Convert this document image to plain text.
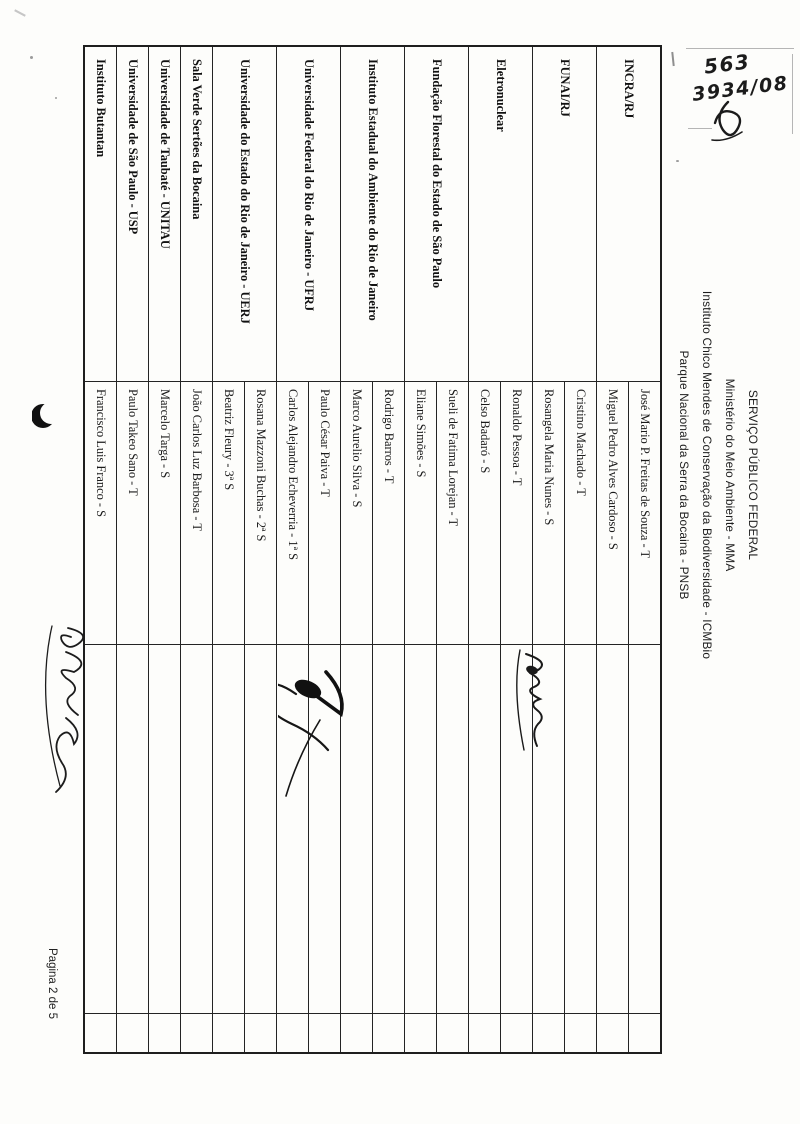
SERVIÇO PÚBLICO FEDERAL
Ministério do Meio Ambiente - MMA
Instituto Chico Mendes de Conservação da Biodiversidade - ICMBio
Parque Nacional da Serra da Bocaina - PNSB
INCRA/RJ
José Mario P. Freitas de Souza - T
Miguel Pedro Alves Cardoso - S
FUNAI/RJ
Cristino Machado - T
Rosangela Maria Nunes - S
Eletronuclear
Ronaldo Pessoa - T
Celso Badaró - S
Fundação Florestal do Estado de São Paulo
Sueli de Fatima Lorejan - T
Eliane Simões - S
Instituto Estadual do Ambiente do Rio de Janeiro
Rodrigo Barros - T
Marco Aurelio Silva - S
Universidade Federal do Rio de Janeiro - UFRJ
Paulo César Paiva - T
Carlos Alejandro Echeverria - 1ª S
Universidade do Estado do Rio de Janeiro - UERJ
Rosana Mazzoni Buchas - 2ª S
Beatriz Fleury - 3ª S
Sala Verde Sertões da Bocaina
João Carlos Luz Barbosa - T
Universidade de Taubaté - UNITAU
Marcelo Targa - S
Universidade de São Paulo - USP
Paulo Takeo Sano - T
Instituto Butantan
Francisco Luis Franco - S
Pagina 2 de 5
563
3934/08
